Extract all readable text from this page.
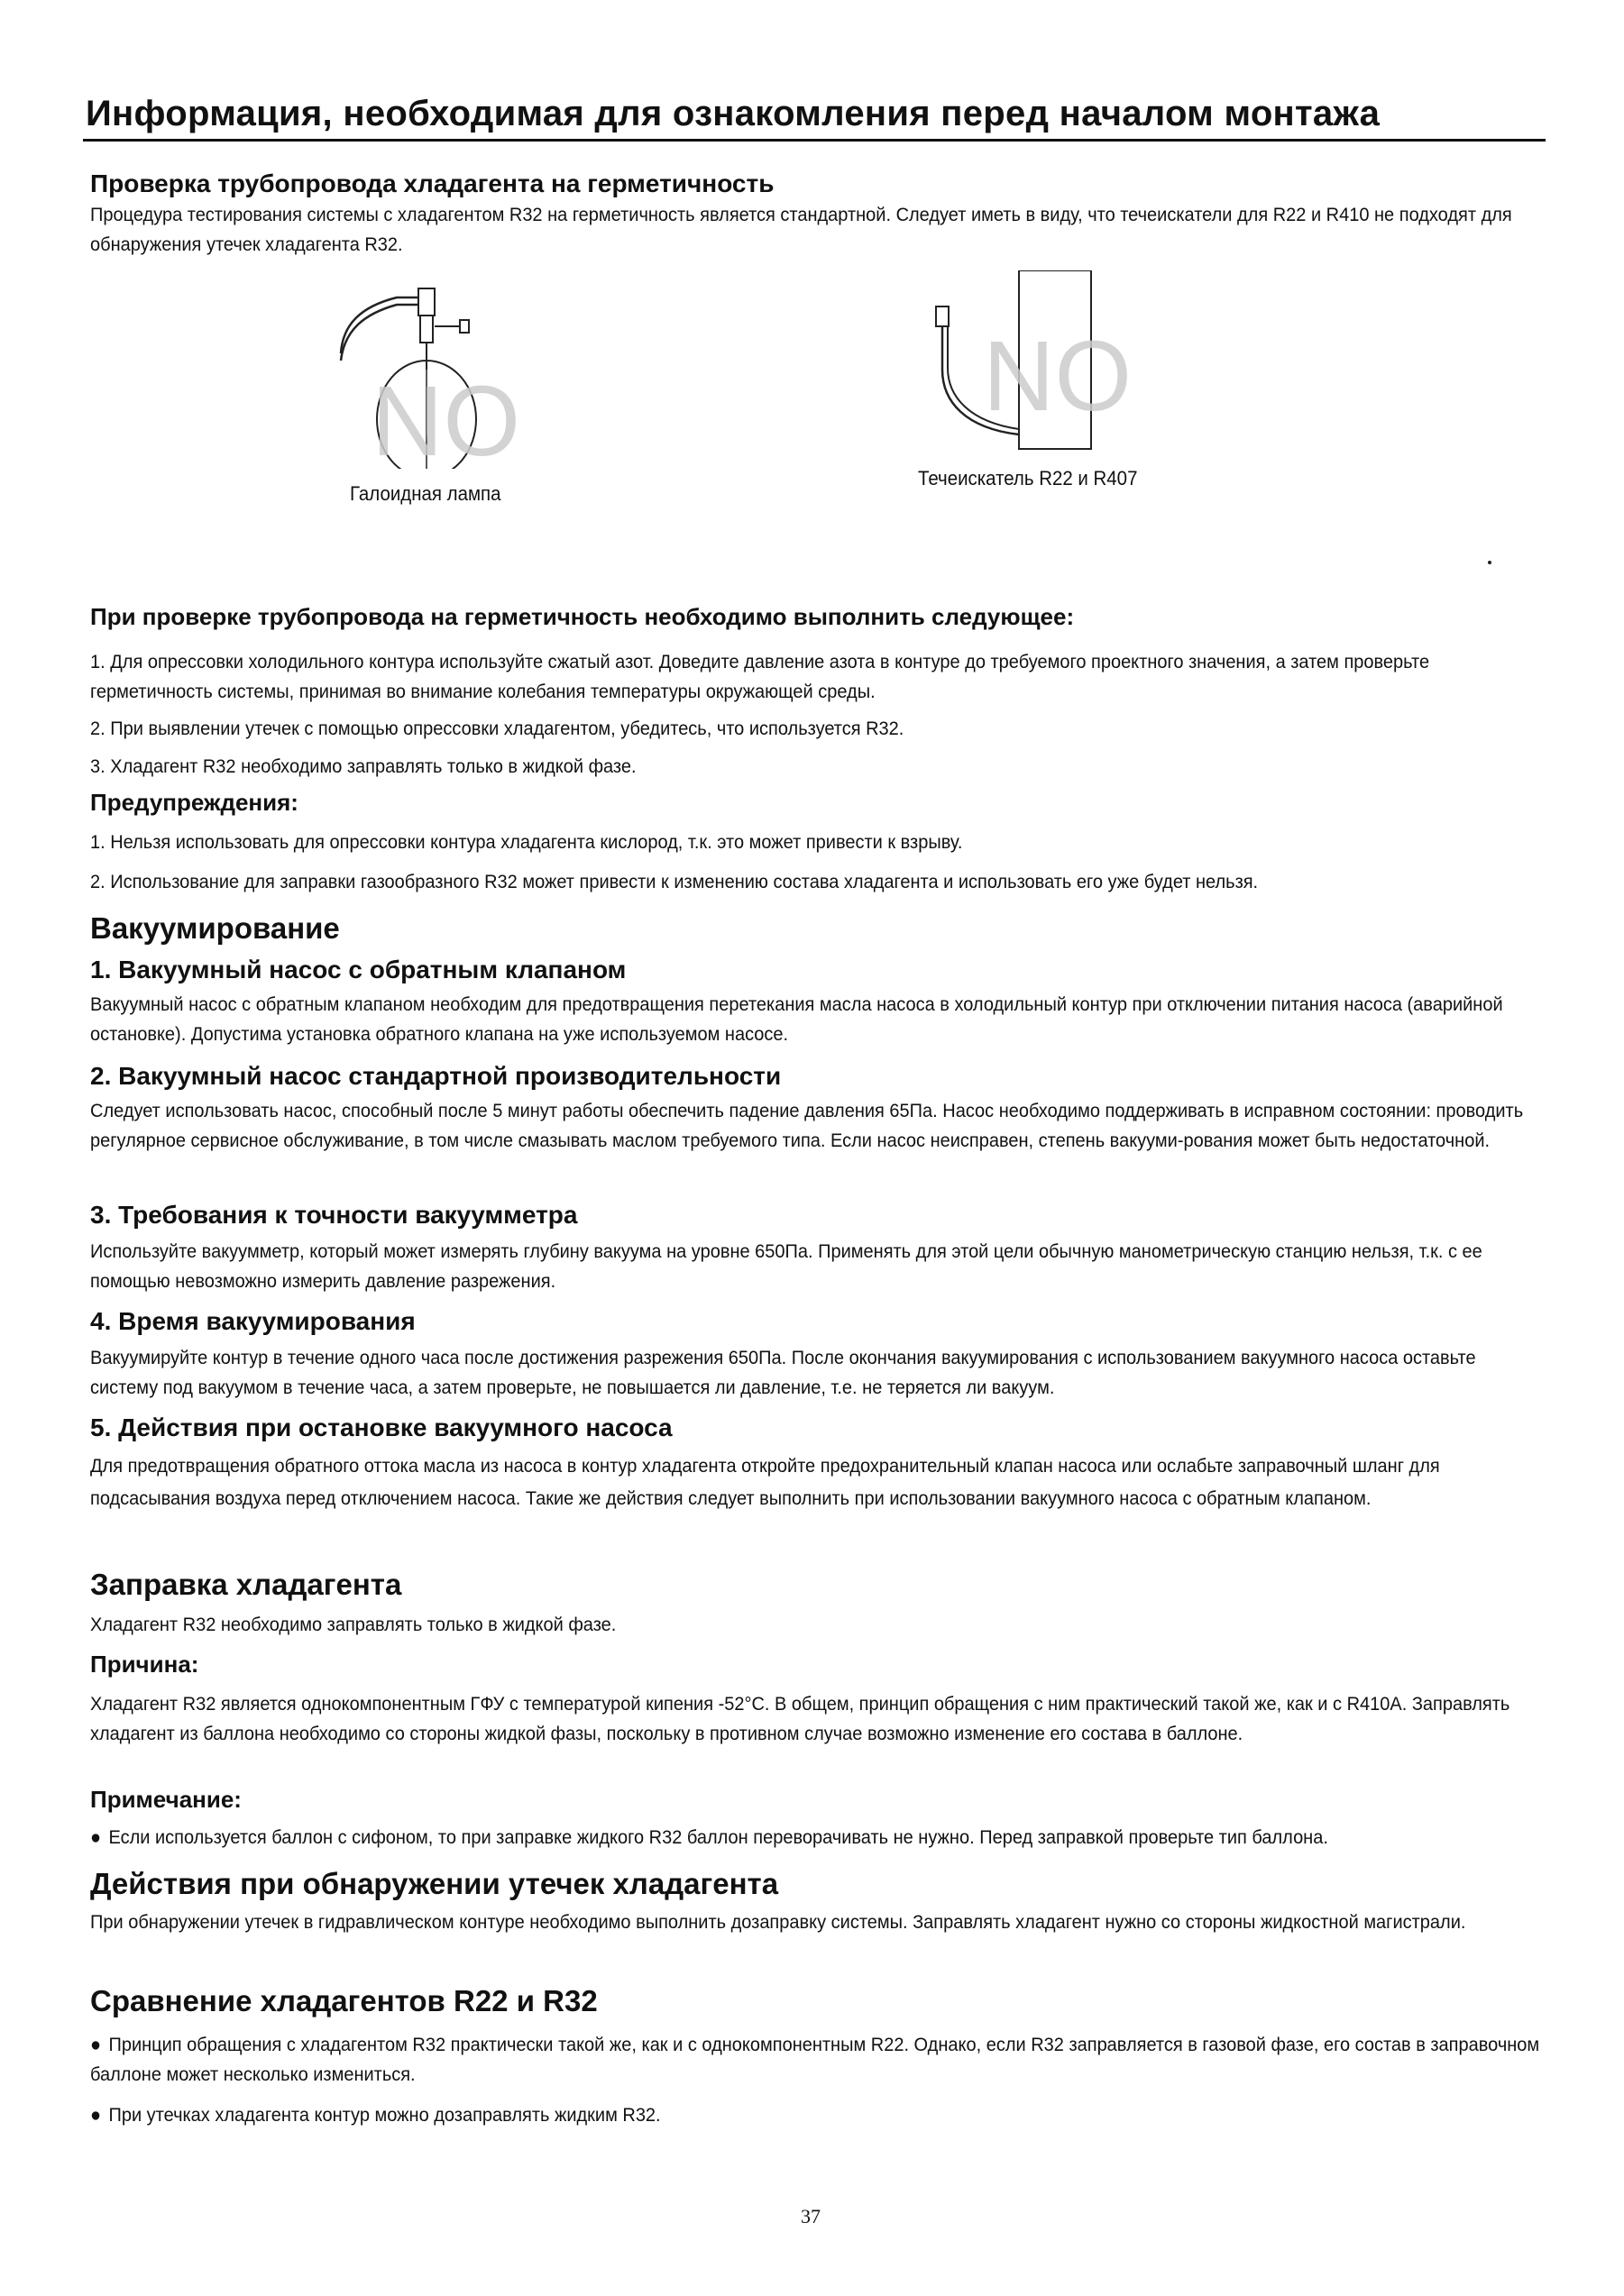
Информация, необходимая для ознакомления перед началом монтажа
Проверка трубопровода хладагента на герметичность

Процедура тестирования системы с хладагентом R32 на герметичность является стандартной. Следует иметь в виду, что течеискатели для R22 и R410 не подходят для обнаружения утечек хладагента R32.

NO
Галоидная лампа
NO
Течеискатель R22 и R407
При проверке трубопровода на герметичность необходимо выполнить следующее:

1. Для опрессовки холодильного контура используйте сжатый азот. Доведите давление азота в контуре до требуемого проектного значения, а затем проверьте герметичность системы, принимая во внимание колебания температуры окружающей среды.

2. При выявлении утечек с помощью опрессовки хладагентом, убедитесь, что используется R32.

3. Хладагент R32 необходимо заправлять только в жидкой фазе.

Предупреждения:

1. Нельзя использовать для опрессовки контура хладагента кислород, т.к. это может привести к взрыву.

2. Использование для заправки газообразного R32 может привести к изменению состава хладагента и использовать его уже будет нельзя.

Вакуумирование
1. Вакуумный насос с обратным клапаном

Вакуумный насос с обратным клапаном необходим для предотвращения перетекания масла насоса в холодильный контур при отключении питания насоса (аварийной остановке). Допустима установка обратного клапана на уже используемом насосе.

2. Вакуумный насос стандартной производительности

Следует использовать насос, способный после 5 минут работы обеспечить падение давления 65Па. Насос необходимо поддерживать в исправном состоянии: проводить регулярное сервисное обслуживание, в том числе смазывать маслом требуемого типа. Если насос неисправен, степень вакууми-рования может быть недостаточной.

3. Требования к точности вакуумметра

Используйте вакуумметр, который может измерять глубину вакуума на уровне 650Па. Применять для этой цели обычную манометрическую станцию нельзя, т.к. с ее помощью невозможно измерить давление разрежения.

4. Время вакуумирования

Вакуумируйте контур в течение одного часа после достижения разрежения 650Па. После окончания вакуумирования с использованием вакуумного насоса оставьте систему под вакуумом в течение часа, а затем проверьте, не повышается ли давление, т.е. не теряется ли вакуум.

5. Действия при остановке вакуумного насоса

Для предотвращения обратного оттока масла из насоса в контур хладагента откройте предохранительный клапан насоса или ослабьте заправочный шланг для подсасывания воздуха перед отключением насоса. Такие же действия следует выполнить при использовании вакуумного насоса с обратным клапаном.

Заправка хладагента

Хладагент R32 необходимо заправлять только в жидкой фазе.

Причина:

Хладагент R32 является однокомпонентным ГФУ с температурой кипения -52°С. В общем, принцип обращения с ним практический такой же, как и с R410A. Заправлять хладагент из баллона необходимо со стороны жидкой фазы, поскольку в противном случае возможно изменение его состава в баллоне.

Примечание:

● Если используется баллон с сифоном, то при заправке жидкого R32 баллон переворачивать не нужно. Перед заправкой проверьте тип баллона.

Действия при обнаружении утечек хладагента

При обнаружении утечек в гидравлическом контуре необходимо выполнить дозаправку системы. Заправлять хладагент нужно со стороны жидкостной магистрали.

Сравнение хладагентов R22 и R32

● Принцип обращения с хладагентом R32 практически такой же, как и с однокомпонентным R22. Однако, если R32 заправляется в газовой фазе, его состав в заправочном баллоне может несколько измениться.

● При утечках хладагента контур можно дозаправлять жидким R32.

37
